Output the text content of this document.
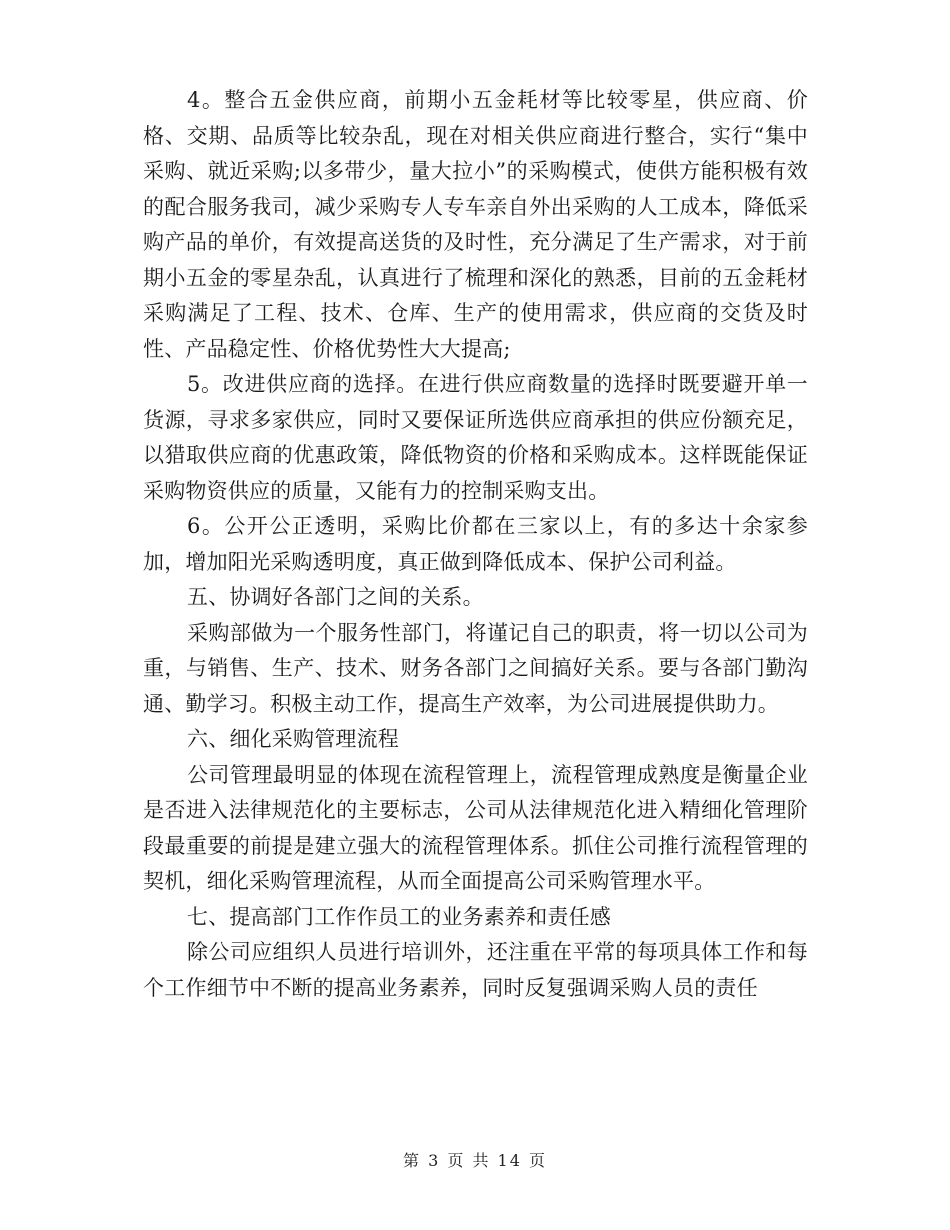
4。整合五金供应商，前期小五金耗材等比较零星，供应商、价格、交期、品质等比较杂乱，现在对相关供应商进行整合，实行“集中采购、就近采购;以多带少，量大拉小”的采购模式，使供方能积极有效的配合服务我司，减少采购专人专车亲自外出采购的人工成本，降低采购产品的单价，有效提高送货的及时性，充分满足了生产需求，对于前期小五金的零星杂乱，认真进行了梳理和深化的熟悉，目前的五金耗材采购满足了工程、技术、仓库、生产的使用需求，供应商的交货及时性、产品稳定性、价格优势性大大提高;

5。改进供应商的选择。在进行供应商数量的选择时既要避开单一货源，寻求多家供应，同时又要保证所选供应商承担的供应份额充足，以猎取供应商的优惠政策，降低物资的价格和采购成本。这样既能保证采购物资供应的质量，又能有力的控制采购支出。

6。公开公正透明，采购比价都在三家以上，有的多达十余家参加，增加阳光采购透明度，真正做到降低成本、保护公司利益。

五、协调好各部门之间的关系。

采购部做为一个服务性部门，将谨记自己的职责，将一切以公司为重，与销售、生产、技术、财务各部门之间搞好关系。要与各部门勤沟通、勤学习。积极主动工作，提高生产效率，为公司进展提供助力。

六、细化采购管理流程

公司管理最明显的体现在流程管理上，流程管理成熟度是衡量企业是否进入法律规范化的主要标志，公司从法律规范化进入精细化管理阶段最重要的前提是建立强大的流程管理体系。抓住公司推行流程管理的契机，细化采购管理流程，从而全面提高公司采购管理水平。

七、提高部门工作作员工的业务素养和责任感

除公司应组织人员进行培训外，还注重在平常的每项具体工作和每个工作细节中不断的提高业务素养，同时反复强调采购人员的责任

第 3 页 共 14 页
